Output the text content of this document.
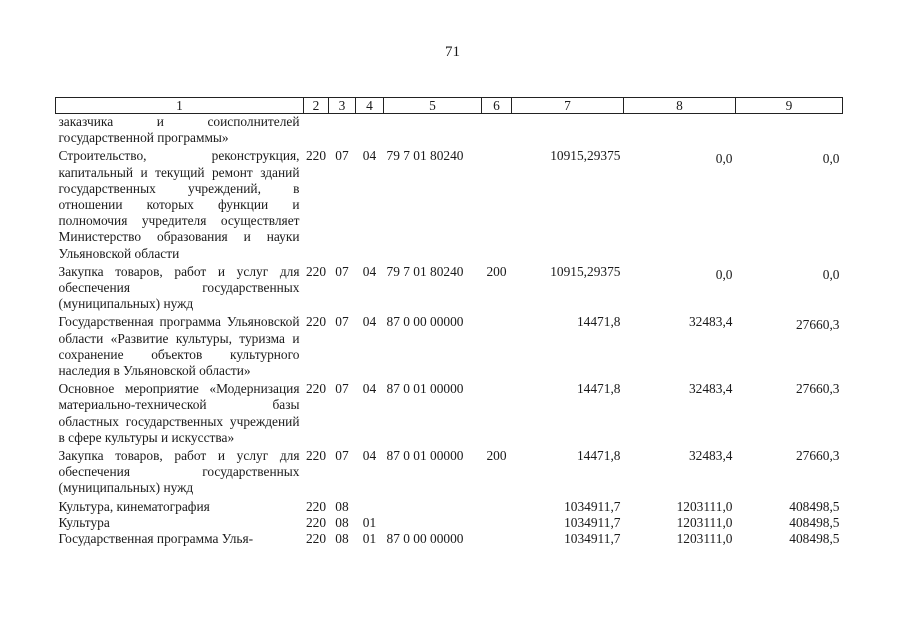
71
1	2	3	4	5	6	7	8	9
заказчика и соисполнителей государственной программы»								
Строительство, реконструкция, капитальный и текущий ремонт зданий государственных учреждений, в отношении которых функции и полномочия учредителя осуществляет Министерство образования и науки Ульяновской области	220	07	04	79 7 01 80240		10915,29375	0,0	0,0
Закупка товаров, работ и услуг для обеспечения государственных (муниципальных) нужд	220	07	04	79 7 01 80240	200	10915,29375	0,0	0,0
Государственная программа Ульяновской области «Развитие культуры, туризма и сохранение объектов культурного наследия в Ульяновской области»	220	07	04	87 0 00 00000		14471,8	32483,4	27660,3
Основное мероприятие «Модернизация материально-технической базы областных государственных учреждений в сфере культуры и искусства»	220	07	04	87 0 01 00000		14471,8	32483,4	27660,3
Закупка товаров, работ и услуг для обеспечения государственных (муниципальных) нужд	220	07	04	87 0 01 00000	200	14471,8	32483,4	27660,3
Культура, кинематография	220	08				1034911,7	1203111,0	408498,5
Культура	220	08	01			1034911,7	1203111,0	408498,5
Государственная программа Улья-	220	08	01	87 0 00 00000		1034911,7	1203111,0	408498,5
